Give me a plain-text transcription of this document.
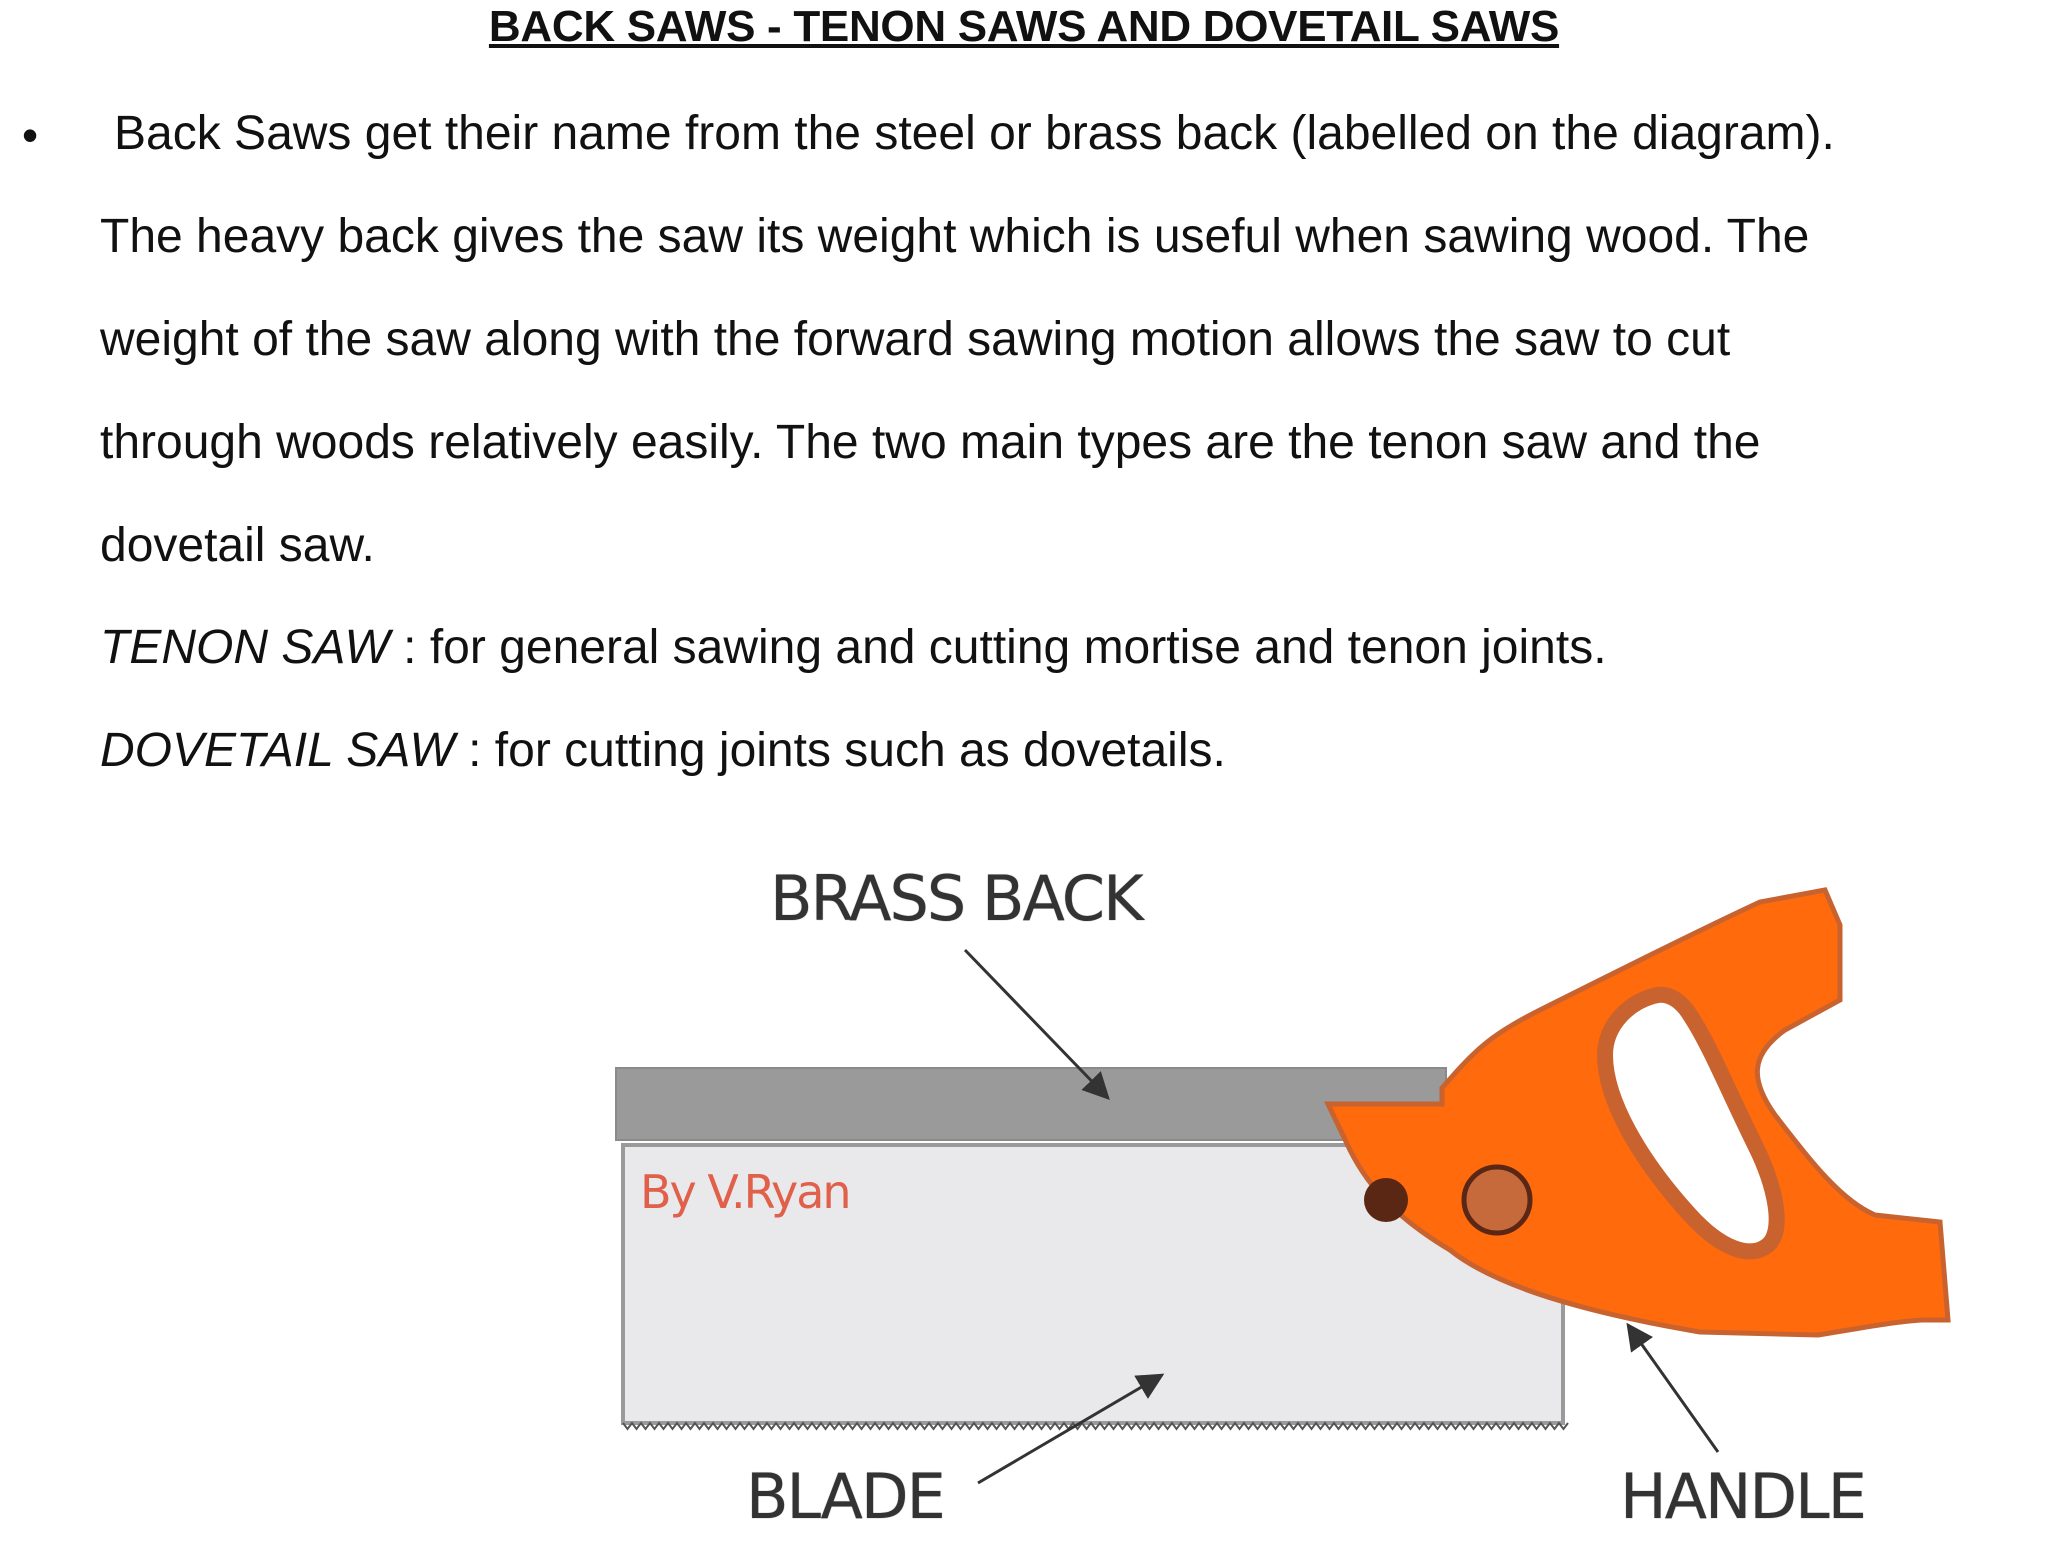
BACK SAWS - TENON SAWS AND DOVETAIL SAWS
• Back Saws get their name from the steel or brass back (labelled on the diagram).
The heavy back gives the saw its weight which is useful when sawing wood. The
weight of the saw along with the forward sawing motion allows the saw to cut
through woods relatively easily. The two main types are the tenon saw and the
dovetail saw.
TENON SAW : for general sawing and cutting mortise and tenon joints.
DOVETAIL SAW : for cutting joints such as dovetails.
By V.Ryan
BRASS BACK
BLADE	HANDLE
